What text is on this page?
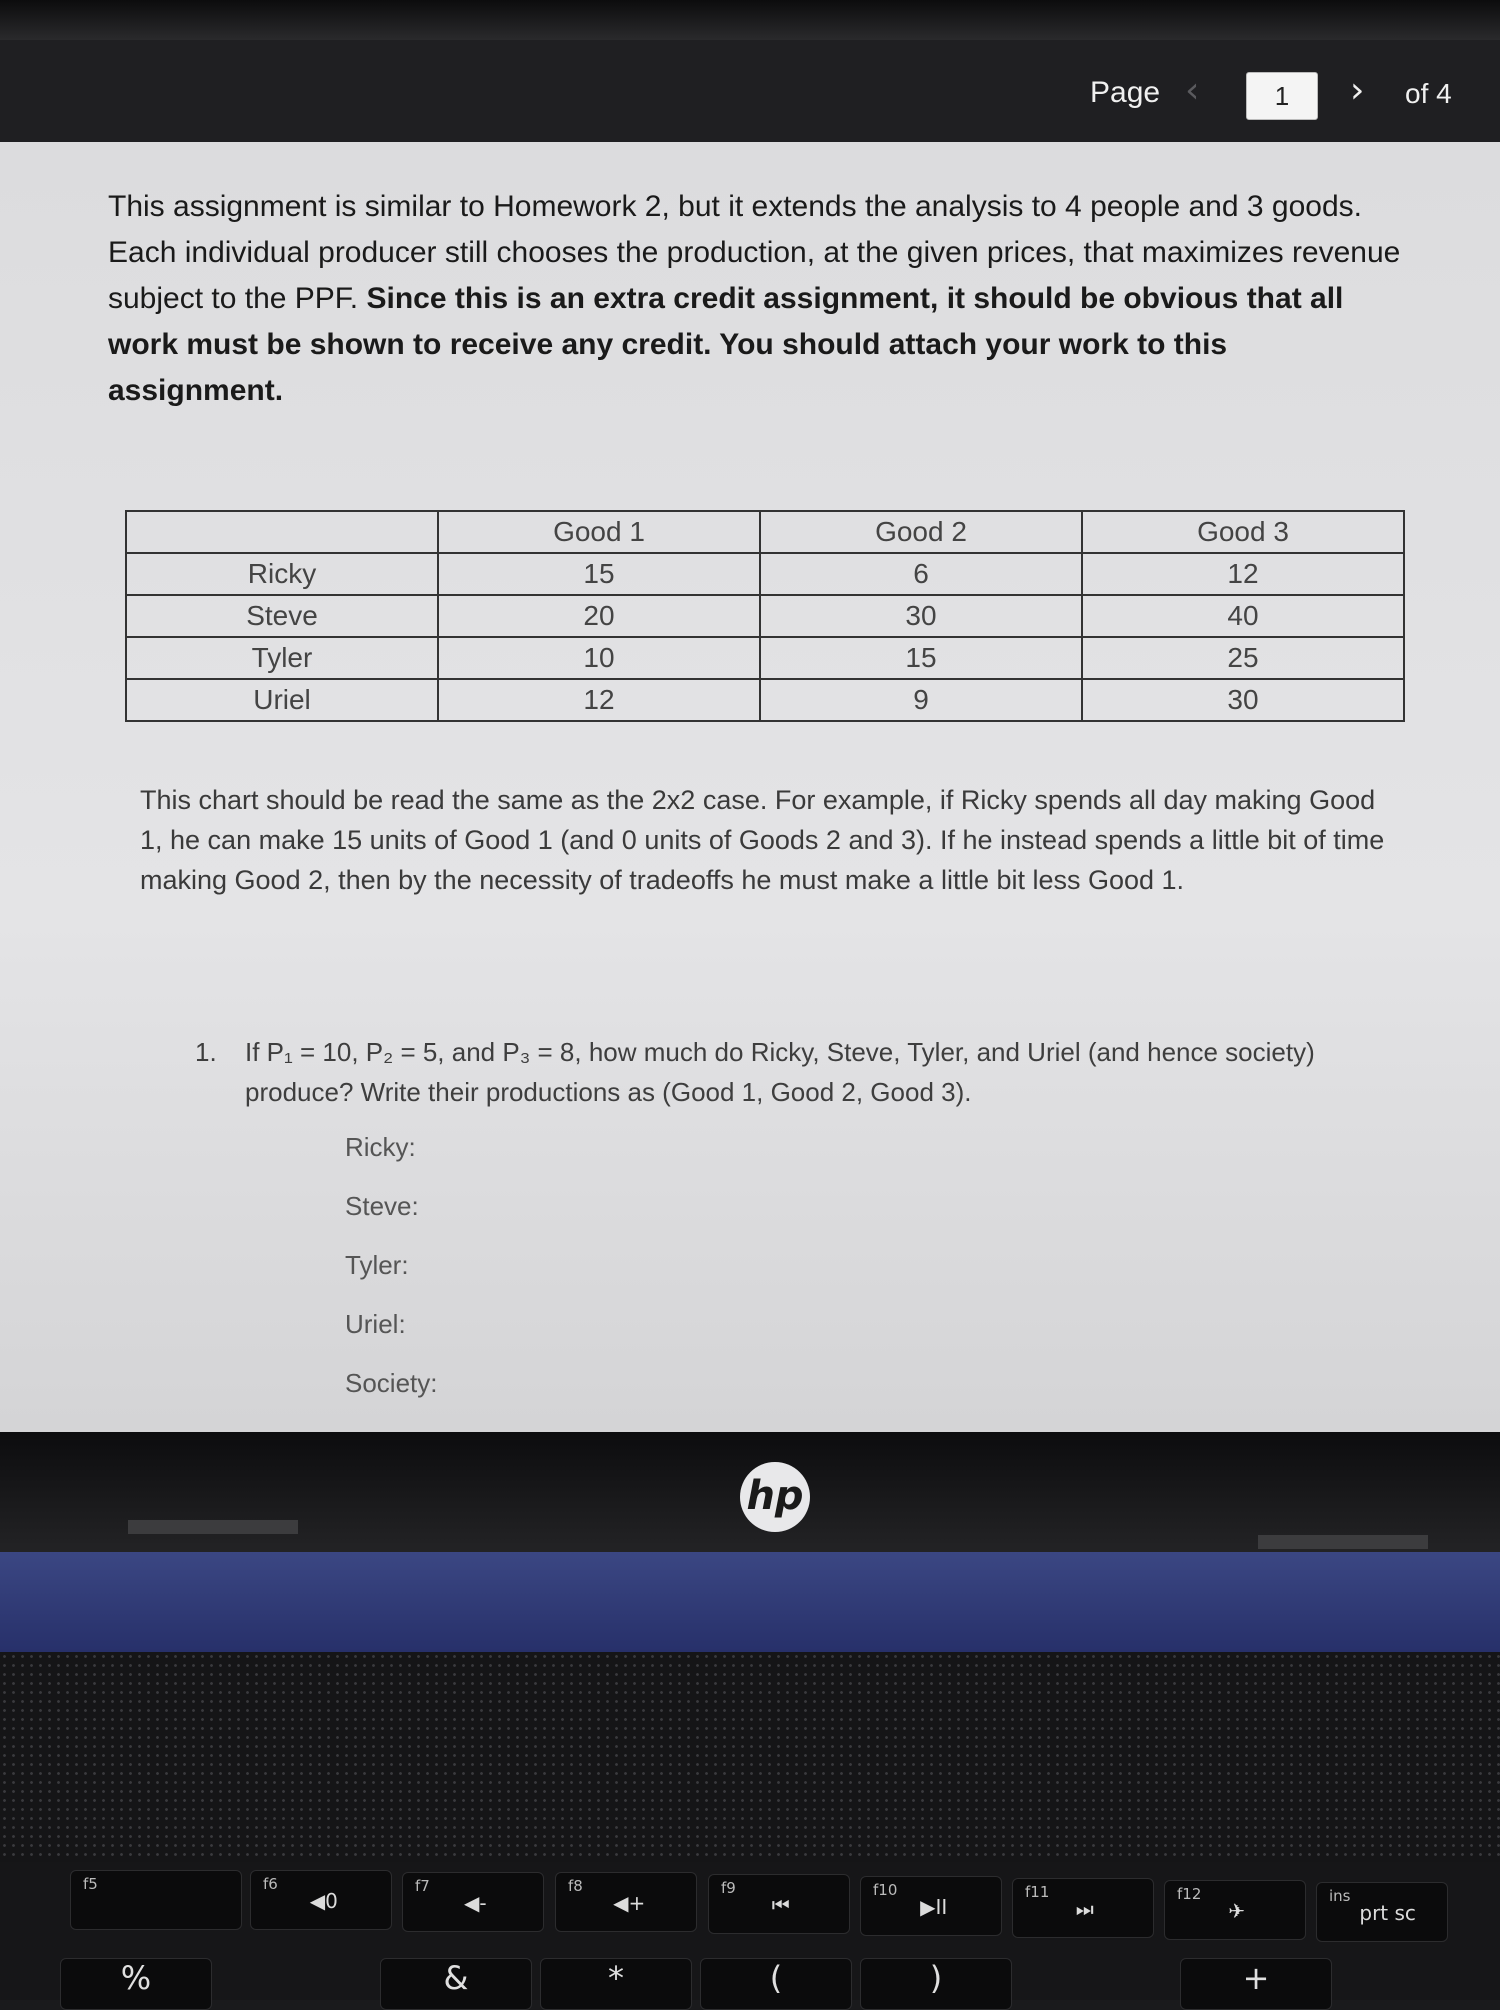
Page ‹	1	› of 4
This assignment is similar to Homework 2, but it extends the analysis to 4 people and 3 goods. Each individual producer still chooses the production, at the given prices, that maximizes revenue subject to the PPF. Since this is an extra credit assignment, it should be obvious that all work must be shown to receive any credit. You should attach your work to this assignment.
	Good 1	Good 2	Good 3
Ricky	15	6	12
Steve	20	30	40
Tyler	10	15	25
Uriel	12	9	30
This chart should be read the same as the 2x2 case. For example, if Ricky spends all day making Good 1, he can make 15 units of Good 1 (and 0 units of Goods 2 and 3). If he instead spends a little bit of time making Good 2, then by the necessity of tradeoffs he must make a little bit less Good 1.
1. If P₁ = 10, P₂ = 5, and P₃ = 8, how much do Ricky, Steve, Tyler, and Uriel (and hence society) produce? Write their productions as (Good 1, Good 2, Good 3).
Ricky:
Steve:
Tyler:
Uriel:
Society:
hp
f5	f6
◀0
f7
◀-
f8
◀+
f9
⏮
f10
▶II
f11
⏭
f12
✈
ins
prt sc
%	&	*	(	)	+
